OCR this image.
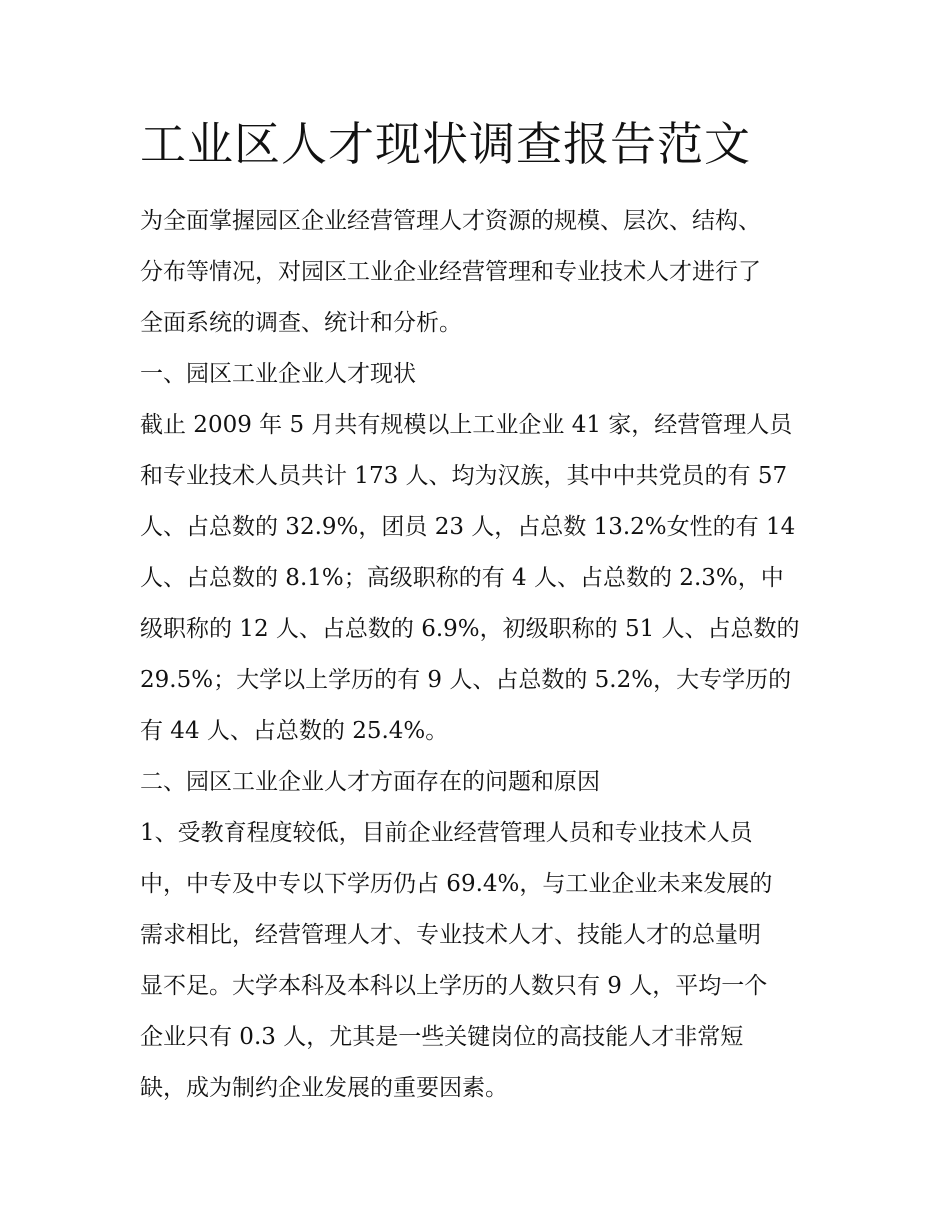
工业区人才现状调查报告范文

为全面掌握园区企业经营管理人才资源的规模、层次、结构、

分布等情况，对园区工业企业经营管理和专业技术人才进行了

全面系统的调查、统计和分析。

一、园区工业企业人才现状

截止 2009 年 5 月共有规模以上工业企业 41 家，经营管理人员

和专业技术人员共计 173 人、均为汉族，其中中共党员的有 57

人、占总数的 32.9%，团员 23 人，占总数 13.2%女性的有 14

人、占总数的 8.1%；高级职称的有 4 人、占总数的 2.3%，中

级职称的 12 人、占总数的 6.9%，初级职称的 51 人、占总数的

29.5%；大学以上学历的有 9 人、占总数的 5.2%，大专学历的

有 44 人、占总数的 25.4%。

二、园区工业企业人才方面存在的问题和原因

1、受教育程度较低，目前企业经营管理人员和专业技术人员

中，中专及中专以下学历仍占 69.4%，与工业企业未来发展的

需求相比，经营管理人才、专业技术人才、技能人才的总量明

显不足。大学本科及本科以上学历的人数只有 9 人，平均一个

企业只有 0.3 人，尤其是一些关键岗位的高技能人才非常短

缺，成为制约企业发展的重要因素。
